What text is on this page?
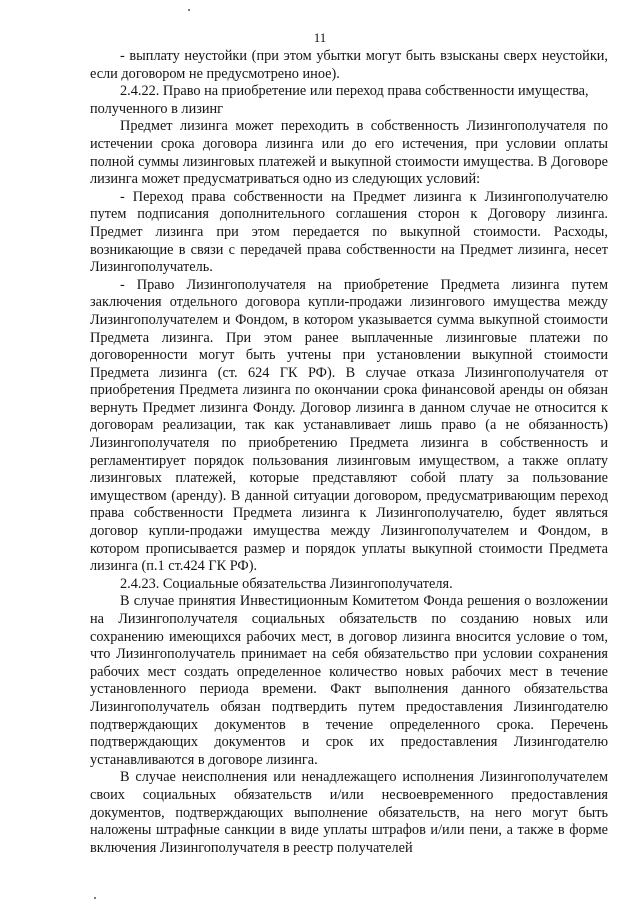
11

- выплату неустойки (при этом убытки могут быть взысканы сверх неустойки, если договором не предусмотрено иное).

2.4.22. Право на приобретение или переход права собственности имущества, полученного в лизинг

Предмет лизинга может переходить в собственность Лизингополучателя по истечении срока договора лизинга или до его истечения, при условии оплаты полной суммы лизинговых платежей и выкупной стоимости имущества. В Договоре лизинга может предусматриваться одно из следующих условий:

- Переход права собственности на Предмет лизинга к Лизингополучателю путем подписания дополнительного соглашения сторон к Договору лизинга. Предмет лизинга при этом передается по выкупной стоимости. Расходы, возникающие в связи с передачей права собственности на Предмет лизинга, несет Лизингополучатель.

- Право Лизингополучателя на приобретение Предмета лизинга путем заключения отдельного договора купли-продажи лизингового имущества между Лизингополучателем и Фондом, в котором указывается сумма выкупной стоимости Предмета лизинга. При этом ранее выплаченные лизинговые платежи по договоренности могут быть учтены при установлении выкупной стоимости Предмета лизинга (ст. 624 ГК РФ). В случае отказа Лизингополучателя от приобретения Предмета лизинга по окончании срока финансовой аренды он обязан вернуть Предмет лизинга Фонду. Договор лизинга в данном случае не относится к договорам реализации, так как устанавливает лишь право (а не обязанность) Лизингополучателя по приобретению Предмета лизинга в собственность и регламентирует порядок пользования лизинговым имуществом, а также оплату лизинговых платежей, которые представляют собой плату за пользование имуществом (аренду). В данной ситуации договором, предусматривающим переход права собственности Предмета лизинга к Лизингополучателю, будет являться договор купли-продажи имущества между Лизингополучателем и Фондом, в котором прописывается размер и порядок уплаты выкупной стоимости Предмета лизинга (п.1 ст.424 ГК РФ).

2.4.23. Социальные обязательства Лизингополучателя.

В случае принятия Инвестиционным Комитетом Фонда решения о возложении на Лизингополучателя социальных обязательств по созданию новых или сохранению имеющихся рабочих мест, в договор лизинга вносится условие о том, что Лизингополучатель принимает на себя обязательство при условии сохранения рабочих мест создать определенное количество новых рабочих мест в течение установленного периода времени. Факт выполнения данного обязательства Лизингополучатель обязан подтвердить путем предоставления Лизингодателю подтверждающих документов в течение определенного срока. Перечень подтверждающих документов и срок их предоставления Лизингодателю устанавливаются в договоре лизинга.

В случае неисполнения или ненадлежащего исполнения Лизингополучателем своих социальных обязательств и/или несвоевременного предоставления документов, подтверждающих выполнение обязательств, на него могут быть наложены штрафные санкции в виде уплаты штрафов и/или пени, а также в форме включения Лизингополучателя в реестр получателей
